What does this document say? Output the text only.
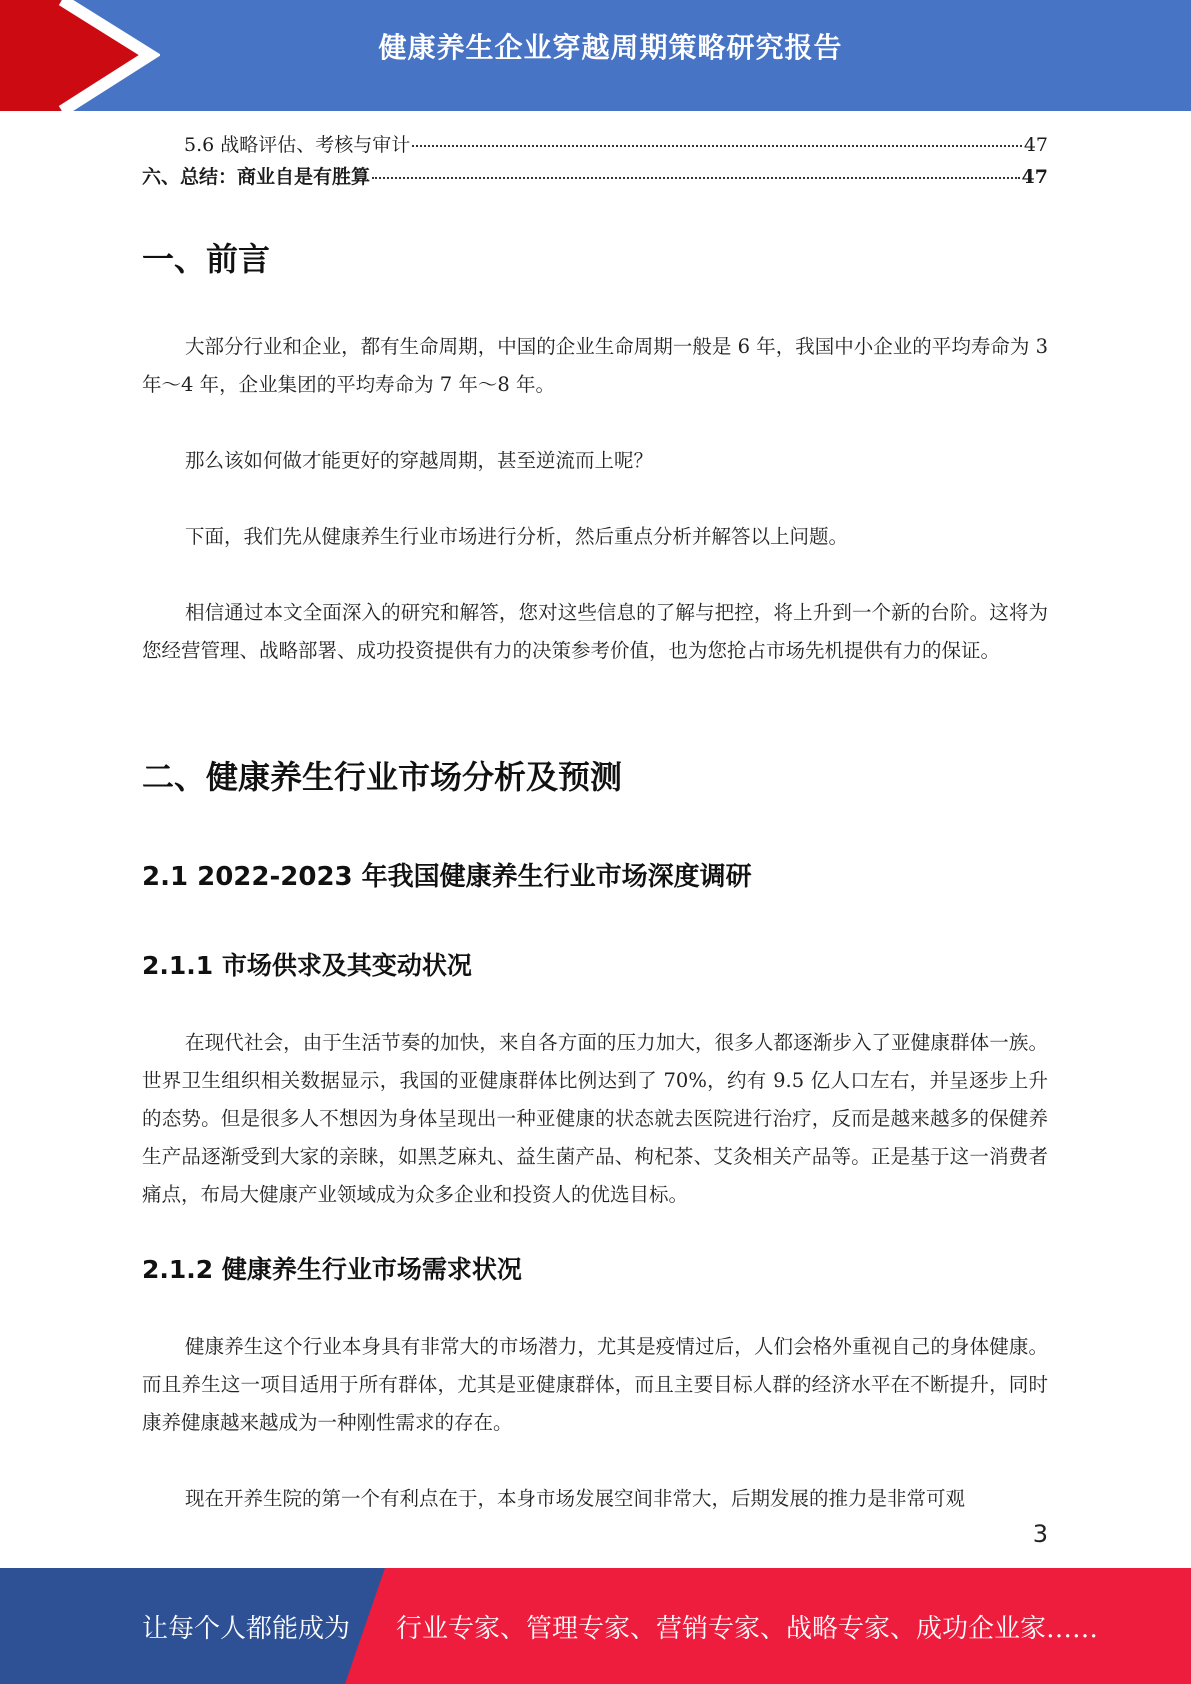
健康养生企业穿越周期策略研究报告
5.6 战略评估、考核与审计	47
六、总结：商业自是有胜算	47
一、前言

大部分行业和企业，都有生命周期，中国的企业生命周期一般是 6 年，我国中小企业的平均寿命为 3 年～4 年，企业集团的平均寿命为 7 年～8 年。

那么该如何做才能更好的穿越周期，甚至逆流而上呢？

下面，我们先从健康养生行业市场进行分析，然后重点分析并解答以上问题。

相信通过本文全面深入的研究和解答，您对这些信息的了解与把控，将上升到一个新的台阶。这将为您经营管理、战略部署、成功投资提供有力的决策参考价值，也为您抢占市场先机提供有力的保证。

二、健康养生行业市场分析及预测
2.1 2022-2023 年我国健康养生行业市场深度调研
2.1.1 市场供求及其变动状况

在现代社会，由于生活节奏的加快，来自各方面的压力加大，很多人都逐渐步入了亚健康群体一族。世界卫生组织相关数据显示，我国的亚健康群体比例达到了 70%，约有 9.5 亿人口左右，并呈逐步上升的态势。但是很多人不想因为身体呈现出一种亚健康的状态就去医院进行治疗，反而是越来越多的保健养生产品逐渐受到大家的亲睐，如黑芝麻丸、益生菌产品、枸杞茶、艾灸相关产品等。正是基于这一消费者痛点，布局大健康产业领域成为众多企业和投资人的优选目标。

2.1.2 健康养生行业市场需求状况

健康养生这个行业本身具有非常大的市场潜力，尤其是疫情过后，人们会格外重视自己的身体健康。而且养生这一项目适用于所有群体，尤其是亚健康群体，而且主要目标人群的经济水平在不断提升，同时康养健康越来越成为一种刚性需求的存在。

现在开养生院的第一个有利点在于，本身市场发展空间非常大，后期发展的推力是非常可观

3
让每个人都能成为 行业专家、管理专家、营销专家、战略专家、成功企业家……
